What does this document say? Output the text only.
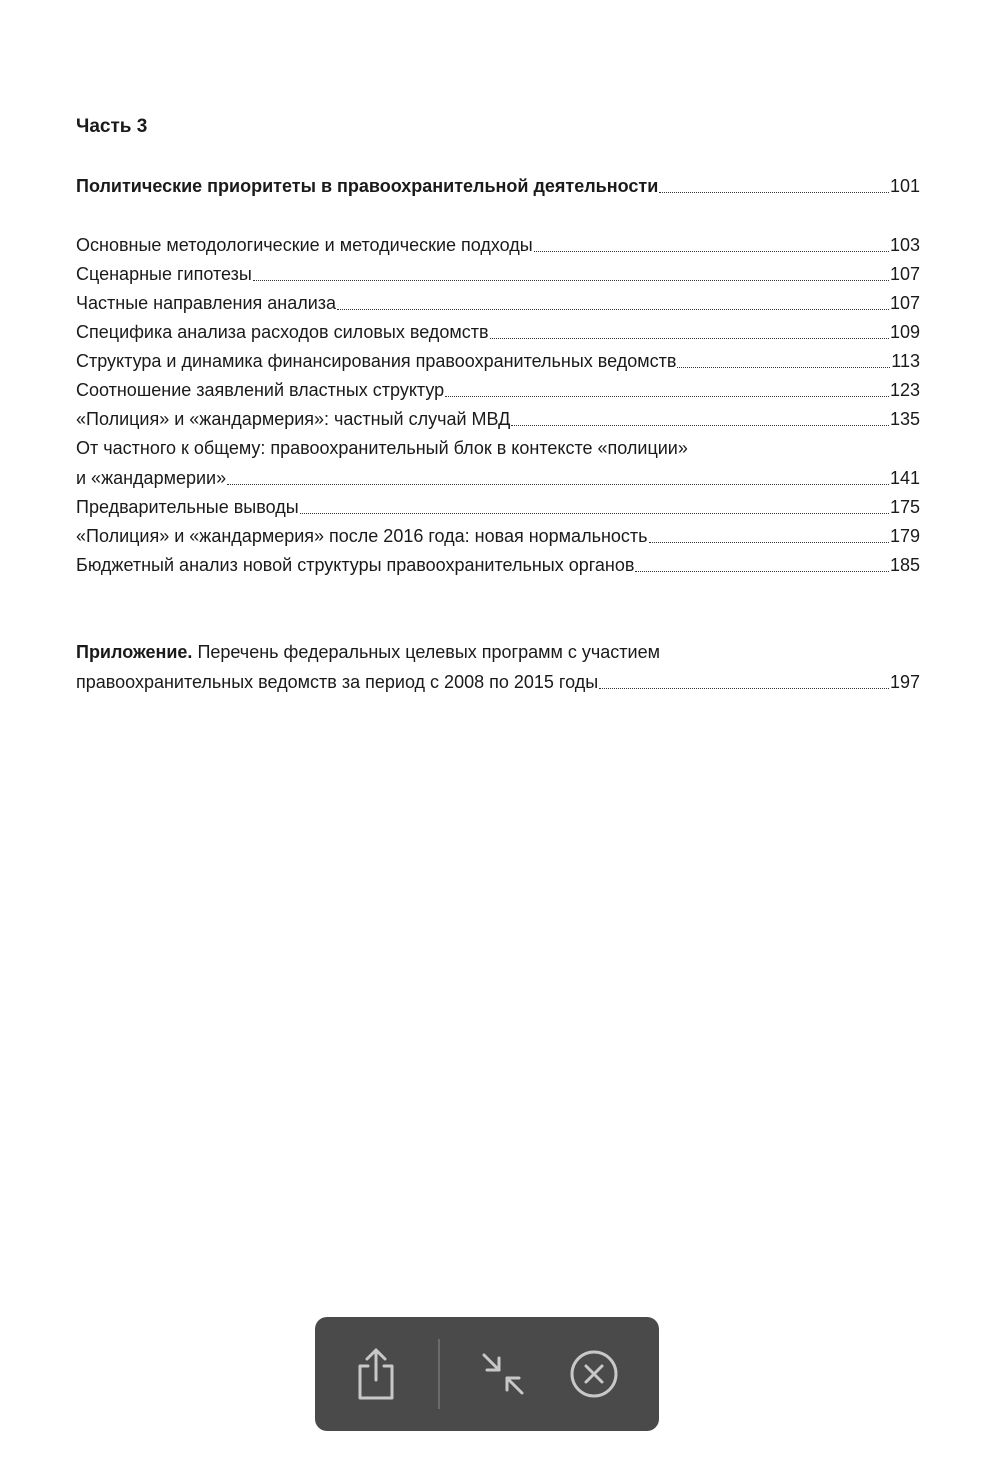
Часть 3
Политические приоритеты в правоохранительной деятельности	101
Основные методологические и методические подходы	103
Сценарные гипотезы	107
Частные направления анализа	107
Специфика анализа расходов силовых ведомств	109
Структура и динамика финансирования правоохранительных ведомств	113
Соотношение заявлений властных структур	123
«Полиция» и «жандармерия»: частный случай МВД	135
От частного к общему: правоохранительный блок в контексте «полиции»
и «жандармерии»	141
Предварительные выводы	175
«Полиция» и «жандармерия» после 2016 года: новая нормальность	179
Бюджетный анализ новой структуры правоохранительных органов	185
Приложение. Перечень федеральных целевых программ с участием
правоохранительных ведомств за период с 2008 по 2015 годы	197
